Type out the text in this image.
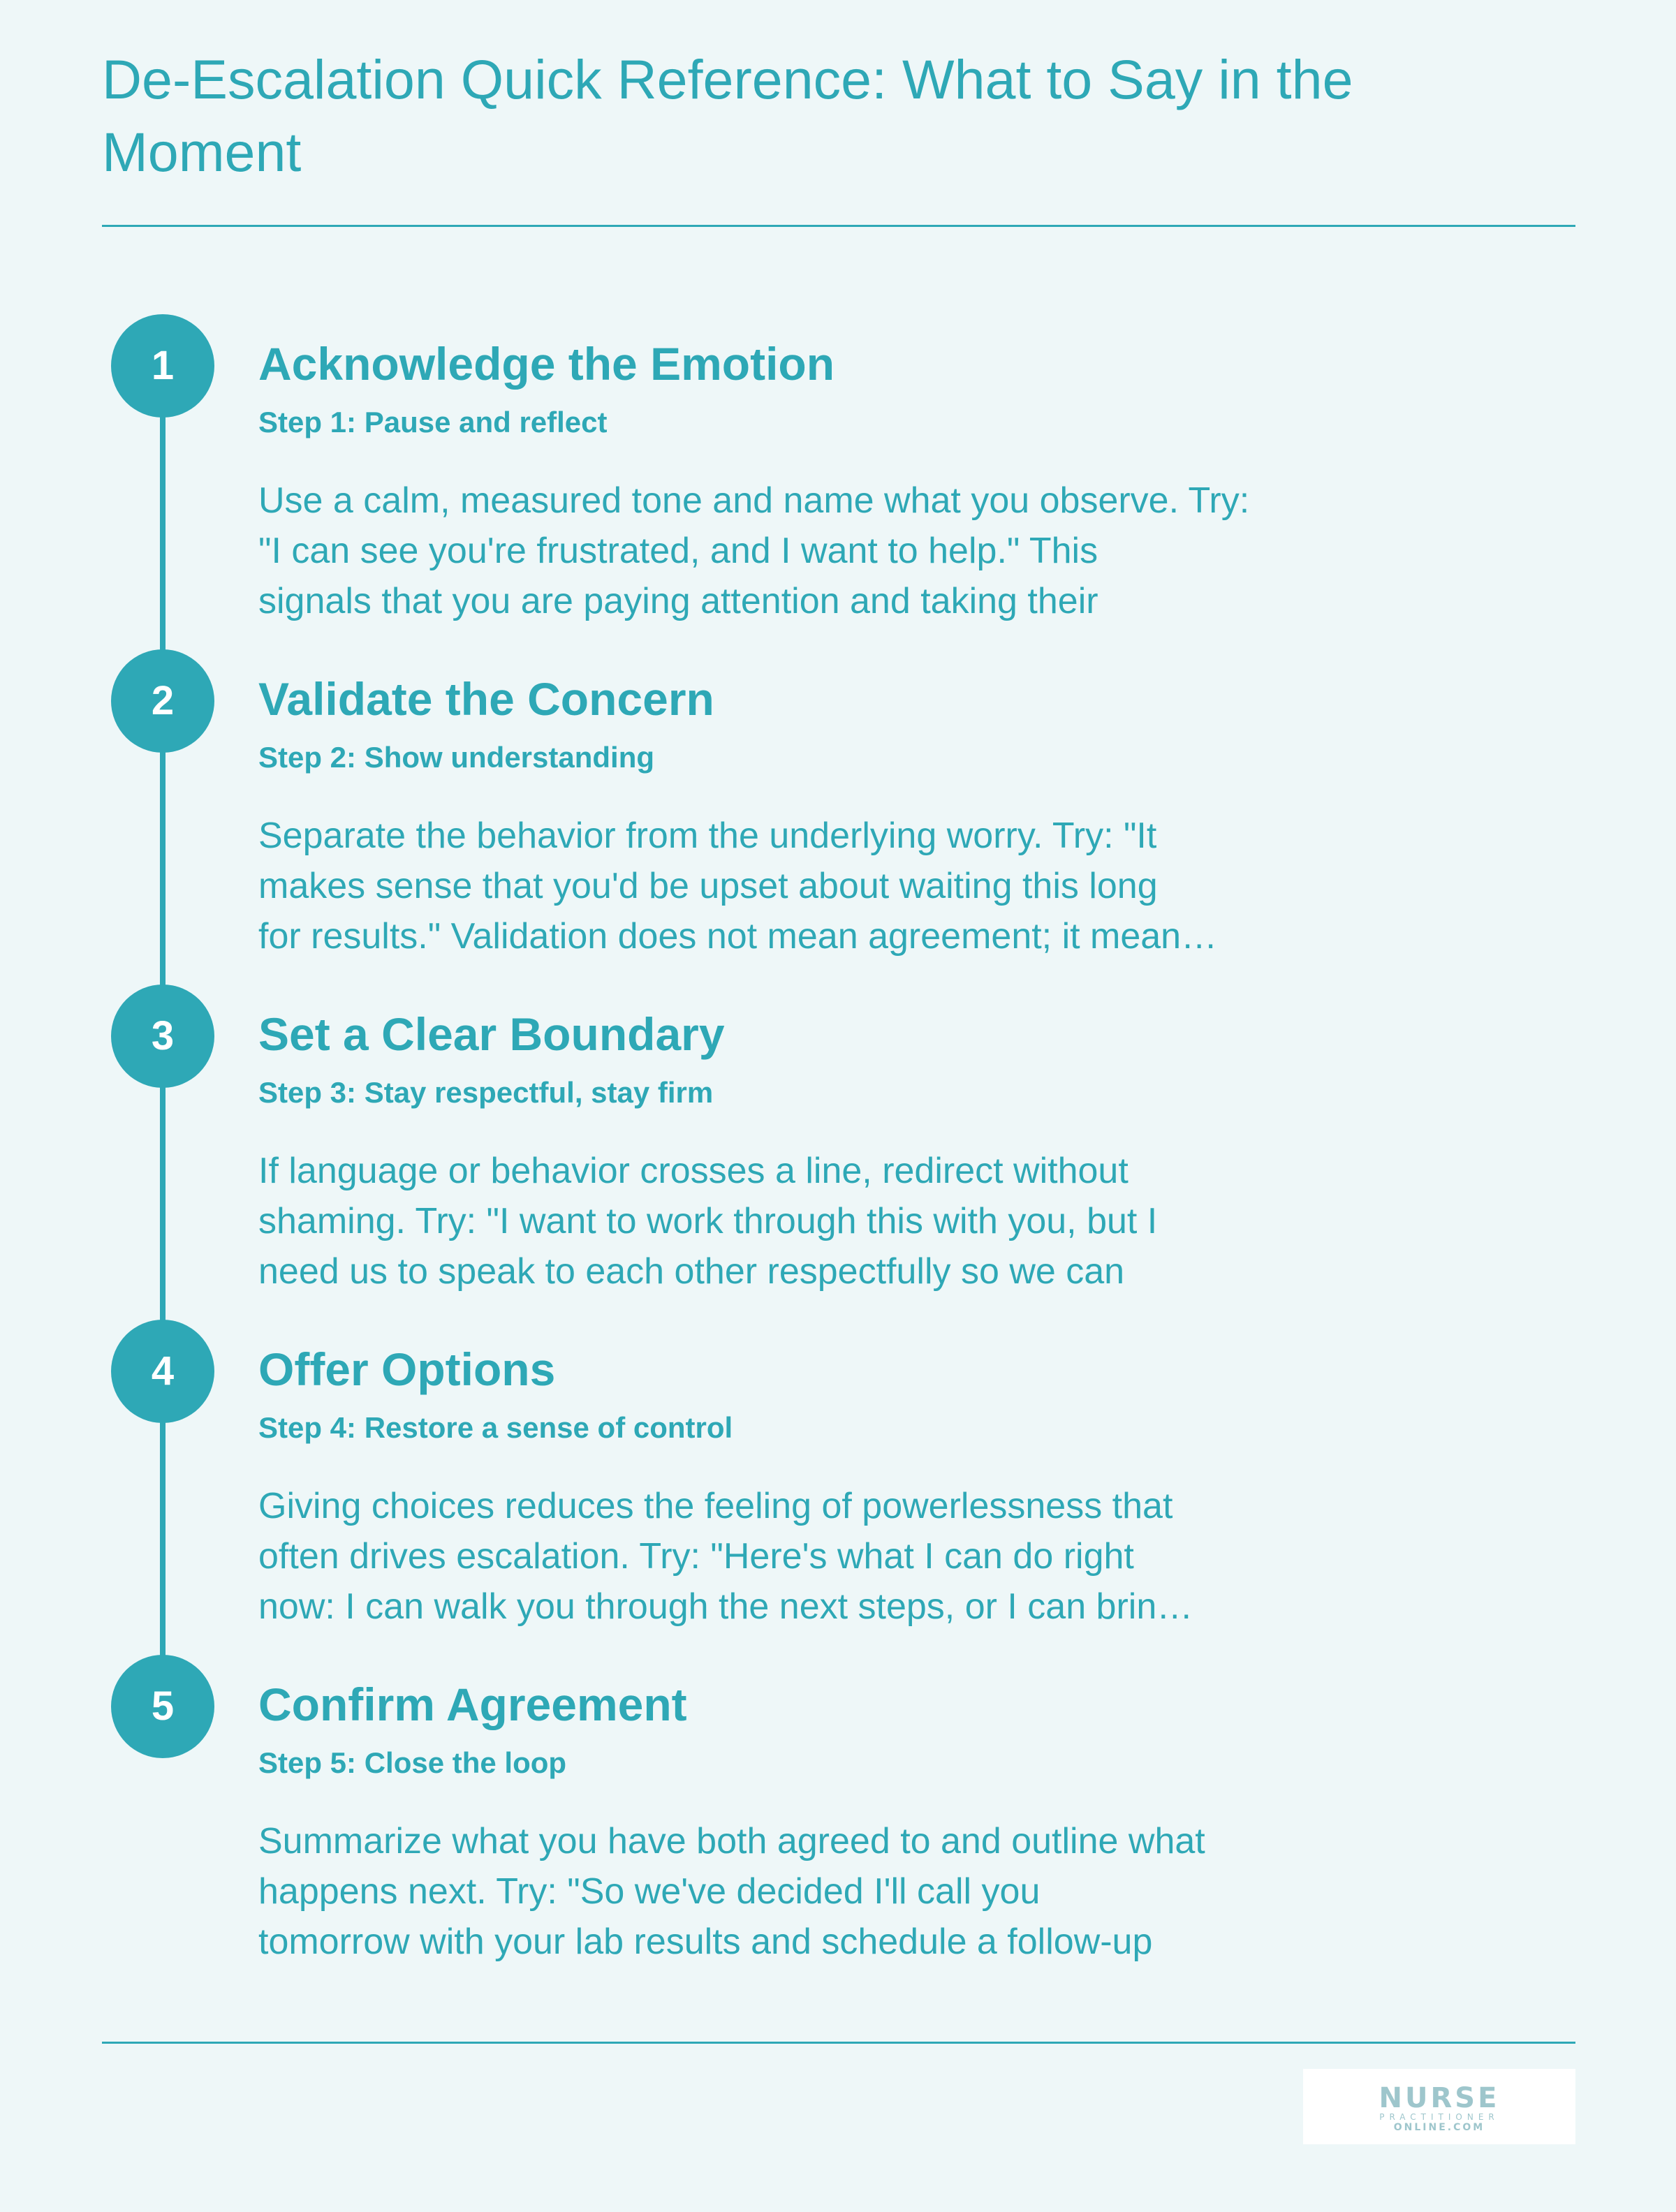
De-Escalation Quick Reference: What to Say in the Moment
1	Acknowledge the Emotion
Step 1: Pause and reflect
Use a calm, measured tone and name what you observe. Try:
"I can see you're frustrated, and I want to help." This
signals that you are paying attention and taking their
2	Validate the Concern
Step 2: Show understanding
Separate the behavior from the underlying worry. Try: "It
makes sense that you'd be upset about waiting this long
for results." Validation does not mean agreement; it mean…
3	Set a Clear Boundary
Step 3: Stay respectful, stay firm
If language or behavior crosses a line, redirect without
shaming. Try: "I want to work through this with you, but I
need us to speak to each other respectfully so we can
4	Offer Options
Step 4: Restore a sense of control
Giving choices reduces the feeling of powerlessness that
often drives escalation. Try: "Here's what I can do right
now: I can walk you through the next steps, or I can brin…
5	Confirm Agreement
Step 5: Close the loop
Summarize what you have both agreed to and outline what
happens next. Try: "So we've decided I'll call you
tomorrow with your lab results and schedule a follow-up
NURSE
PRACTITIONER
ONLINE.COM
